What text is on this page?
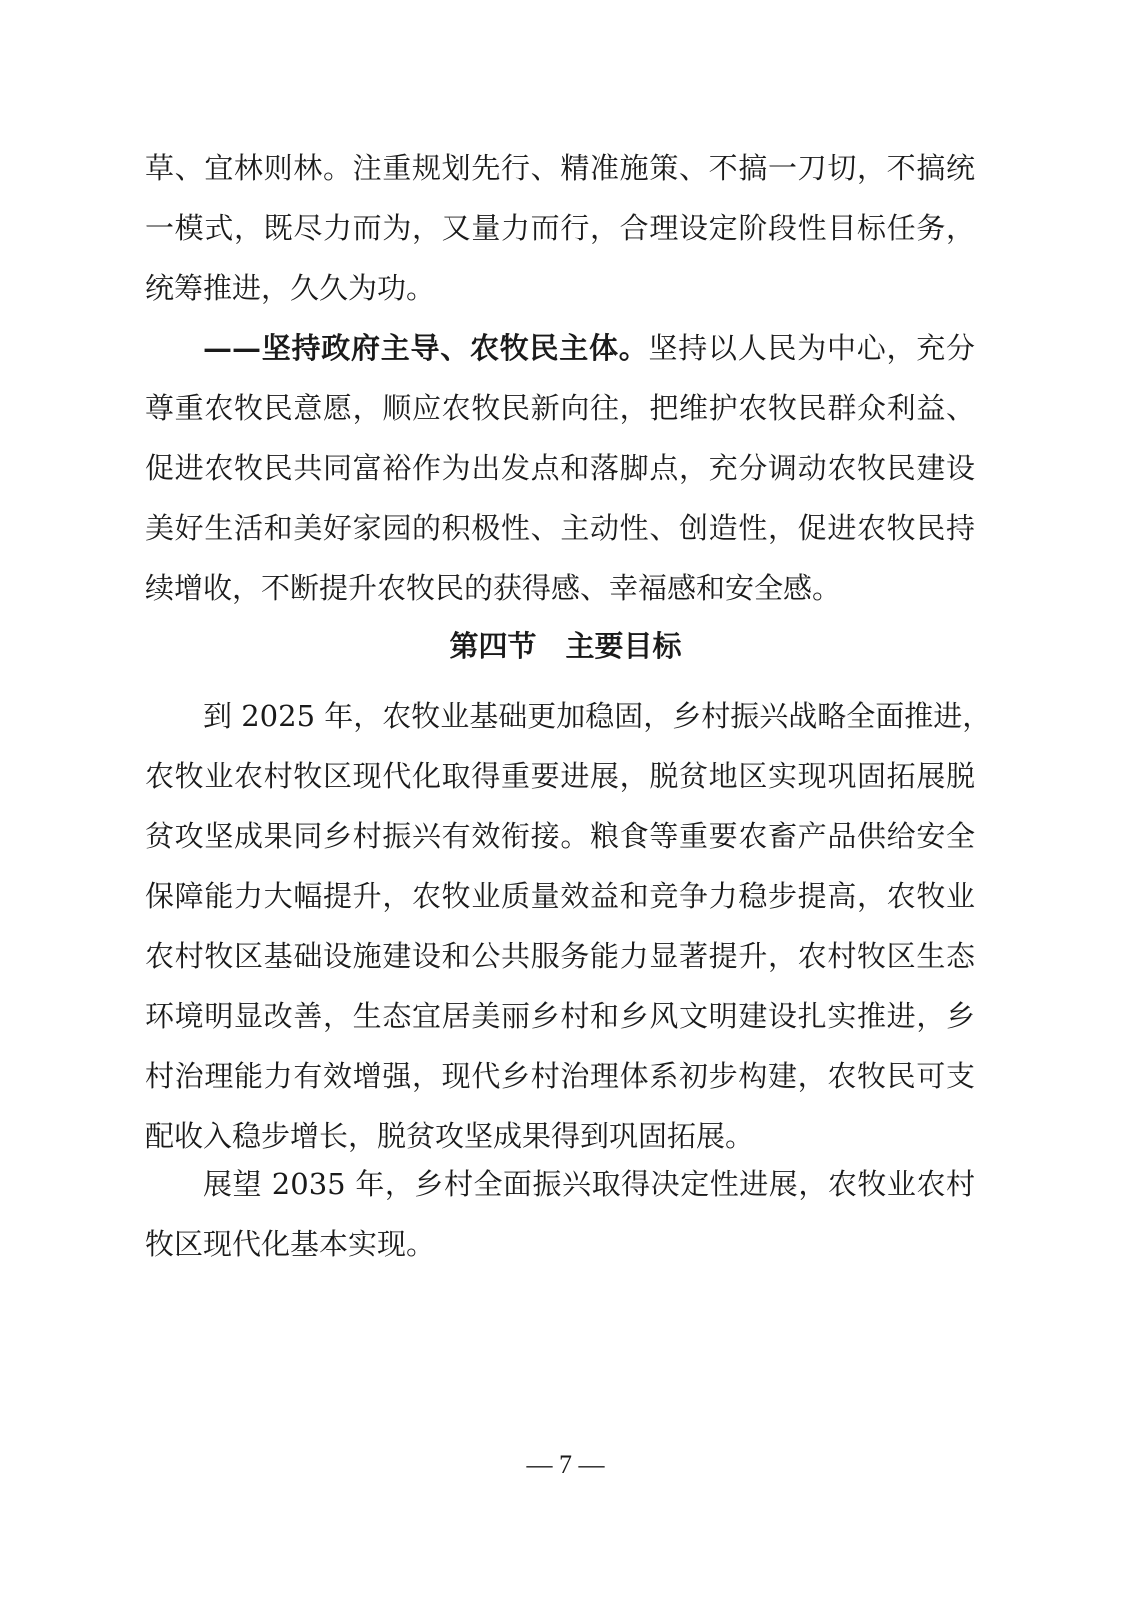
草、宜林则林。注重规划先行、精准施策、不搞一刀切，不搞统
一模式，既尽力而为，又量力而行，合理设定阶段性目标任务，
统筹推进，久久为功。
——坚持政府主导、农牧民主体。坚持以人民为中心，充分
尊重农牧民意愿，顺应农牧民新向往，把维护农牧民群众利益、
促进农牧民共同富裕作为出发点和落脚点，充分调动农牧民建设
美好生活和美好家园的积极性、主动性、创造性，促进农牧民持
续增收，不断提升农牧民的获得感、幸福感和安全感。
第四节　主要目标
到 2025 年，农牧业基础更加稳固，乡村振兴战略全面推进，
农牧业农村牧区现代化取得重要进展，脱贫地区实现巩固拓展脱
贫攻坚成果同乡村振兴有效衔接。粮食等重要农畜产品供给安全
保障能力大幅提升，农牧业质量效益和竞争力稳步提高，农牧业
农村牧区基础设施建设和公共服务能力显著提升，农村牧区生态
环境明显改善，生态宜居美丽乡村和乡风文明建设扎实推进，乡
村治理能力有效增强，现代乡村治理体系初步构建，农牧民可支
配收入稳步增长，脱贫攻坚成果得到巩固拓展。
展望 2035 年，乡村全面振兴取得决定性进展，农牧业农村
牧区现代化基本实现。
— 7 —
